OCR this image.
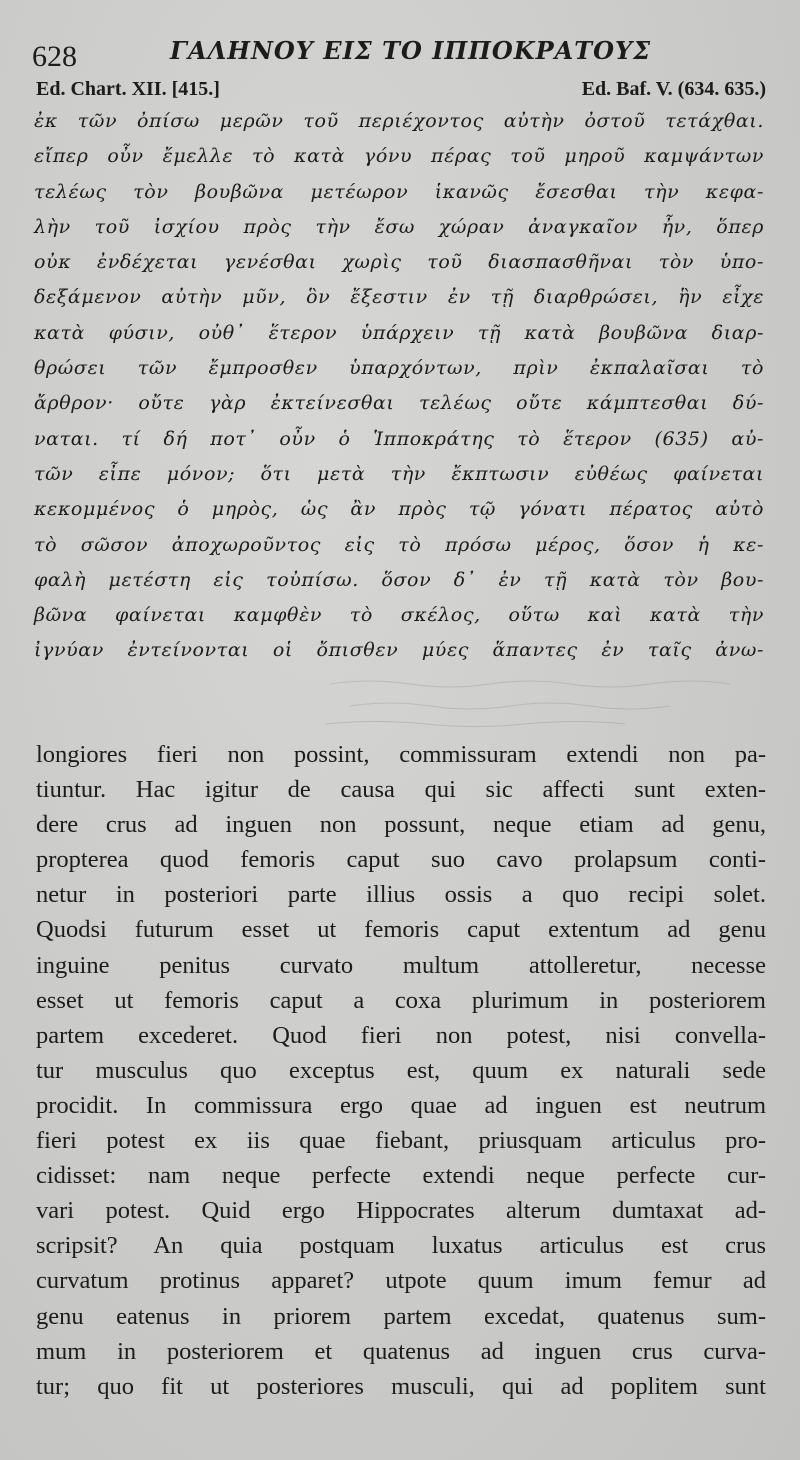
628	ΓΑΛΗΝΟΥ ΕΙΣ ΤΟ ΙΠΠΟΚΡΑΤΟΥΣ
Ed. Chart. XII. [415.]	Ed. Baf. V. (634. 635.)
ἐκ τῶν ὀπίσω μερῶν τοῦ περιέχοντος αὐτὴν ὀστοῦ τετάχθαι.
εἴπερ οὖν ἔμελλε τὸ κατὰ γόνυ πέρας τοῦ μηροῦ καμψάντων
τελέως τὸν βουβῶνα μετέωρον ἱκανῶς ἔσεσθαι τὴν κεφα-
λὴν τοῦ ἰσχίου πρὸς τὴν ἔσω χώραν ἀναγκαῖον ἦν, ὅπερ
οὐκ ἐνδέχεται γενέσθαι χωρὶς τοῦ διασπασθῆναι τὸν ὑπο-
δεξάμενον αὐτὴν μῦν, ὃν ἔξεστιν ἐν τῇ διαρθρώσει, ἣν εἶχε
κατὰ φύσιν, οὐθ᾽ ἕτερον ὑπάρχειν τῇ κατὰ βουβῶνα διαρ-
θρώσει τῶν ἔμπροσθεν ὑπαρχόντων, πρὶν ἐκπαλαῖσαι τὸ
ἄρθρον· οὔτε γὰρ ἐκτείνεσθαι τελέως οὔτε κάμπτεσθαι δύ-
ναται. τί δή ποτ᾽ οὖν ὁ Ἱπποκράτης τὸ ἕτερον (635) αὐ-
τῶν εἶπε μόνον; ὅτι μετὰ τὴν ἔκπτωσιν εὐθέως φαίνεται
κεκομμένος ὁ μηρὸς, ὡς ἂν πρὸς τῷ γόνατι πέρατος αὐτὸ
τὸ σῶσον ἀποχωροῦντος εἰς τὸ πρόσω μέρος, ὅσον ἡ κε-
φαλὴ μετέστη εἰς τοὐπίσω. ὅσον δ᾽ ἐν τῇ κατὰ τὸν βου-
βῶνα φαίνεται καμφθὲν τὸ σκέλος, οὕτω καὶ κατὰ τὴν
ἰγνύαν ἐντείνονται οἱ ὄπισθεν μύες ἅπαντες ἐν ταῖς ἀνω-
longiores fieri non possint, commissuram extendi non pa-
tiuntur. Hac igitur de causa qui sic affecti sunt exten-
dere crus ad inguen non possunt, neque etiam ad genu,
propterea quod femoris caput suo cavo prolapsum conti-
netur in posteriori parte illius ossis a quo recipi solet.
Quodsi futurum esset ut femoris caput extentum ad genu
inguine penitus curvato multum attolleretur, necesse
esset ut femoris caput a coxa plurimum in posteriorem
partem excederet. Quod fieri non potest, nisi convella-
tur musculus quo exceptus est, quum ex naturali sede
procidit. In commissura ergo quae ad inguen est neutrum
fieri potest ex iis quae fiebant, priusquam articulus pro-
cidisset: nam neque perfecte extendi neque perfecte cur-
vari potest. Quid ergo Hippocrates alterum dumtaxat ad-
scripsit? An quia postquam luxatus articulus est crus
curvatum protinus apparet? utpote quum imum femur ad
genu eatenus in priorem partem excedat, quatenus sum-
mum in posteriorem et quatenus ad inguen crus curva-
tur; quo fit ut posteriores musculi, qui ad poplitem sunt
